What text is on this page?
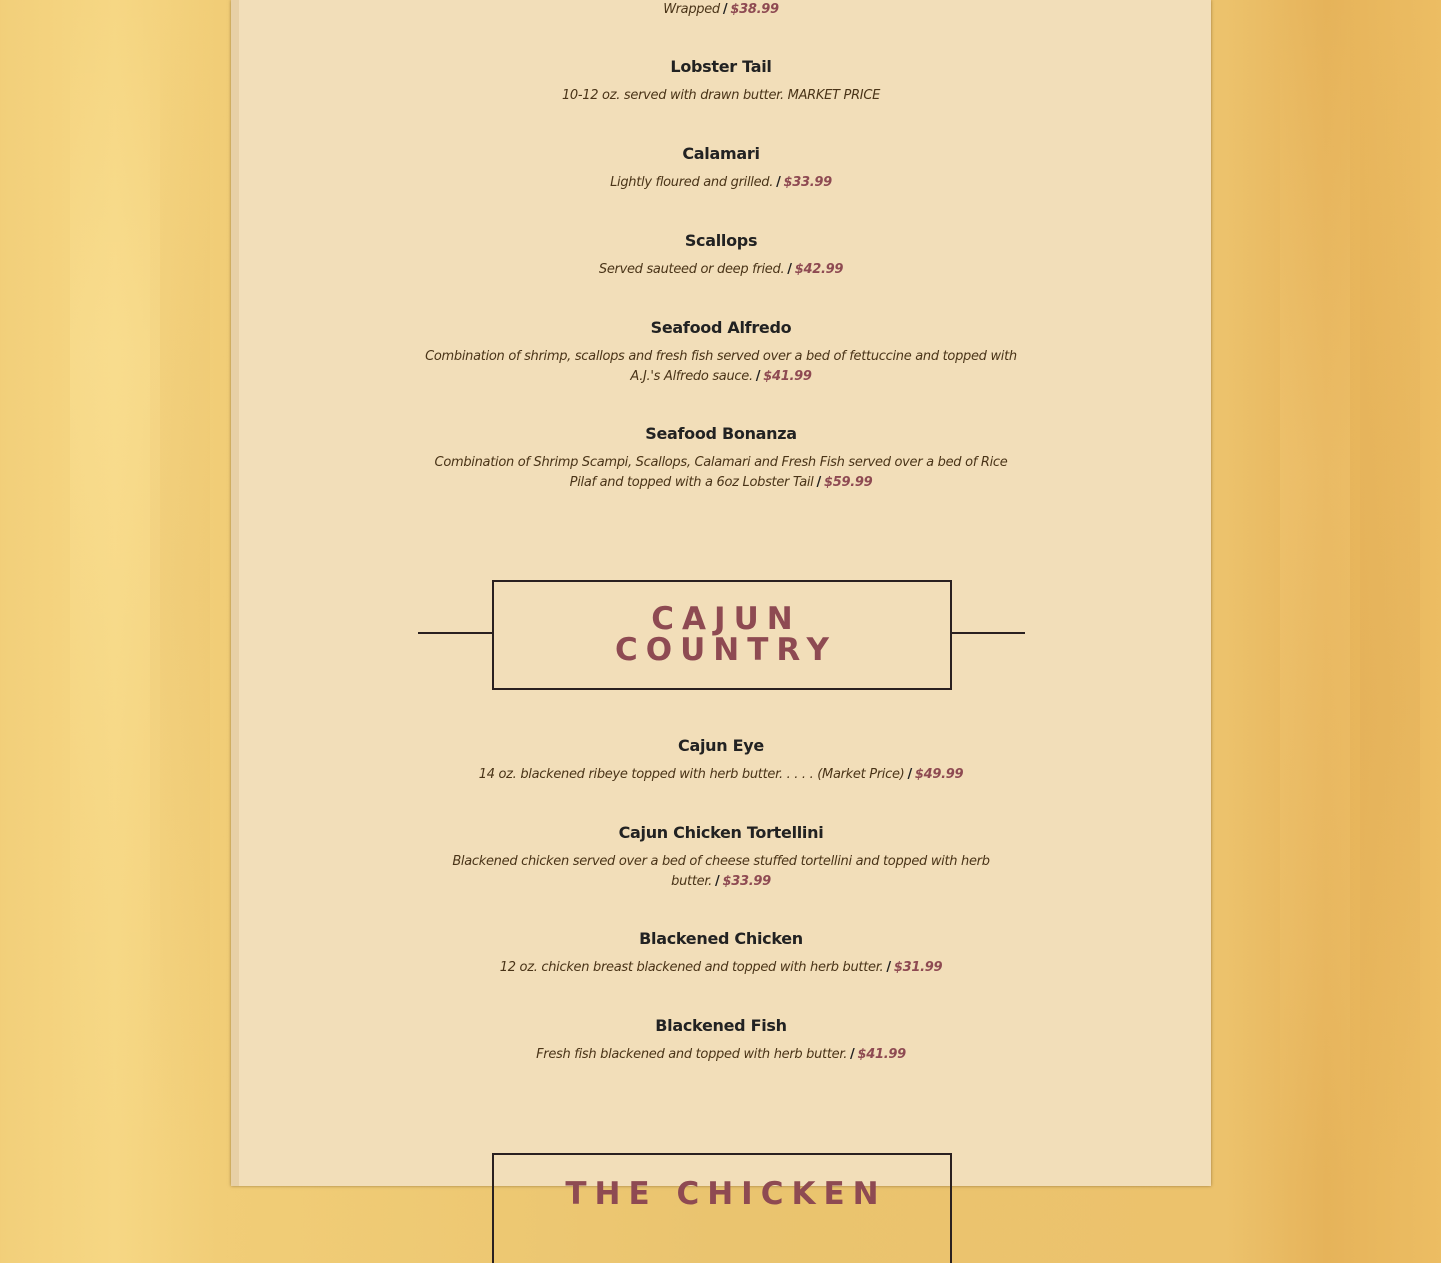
Wrapped / $38.99
Lobster Tail
10-12 oz. served with drawn butter. MARKET PRICE
Calamari
Lightly floured and grilled. / $33.99
Scallops
Served sauteed or deep fried. / $42.99
Seafood Alfredo
Combination of shrimp, scallops and fresh fish served over a bed of fettuccine and topped with A.J.'s Alfredo sauce. / $41.99
Seafood Bonanza
Combination of Shrimp Scampi, Scallops, Calamari and Fresh Fish served over a bed of Rice Pilaf and topped with a 6oz Lobster Tail / $59.99
CAJUN
COUNTRY
Cajun Eye
14 oz. blackened ribeye topped with herb butter. . . . . (Market Price) / $49.99
Cajun Chicken Tortellini
Blackened chicken served over a bed of cheese stuffed tortellini and topped with herb butter. / $33.99
Blackened Chicken
12 oz. chicken breast blackened and topped with herb butter. / $31.99
Blackened Fish
Fresh fish blackened and topped with herb butter. / $41.99
THE CHICKEN
